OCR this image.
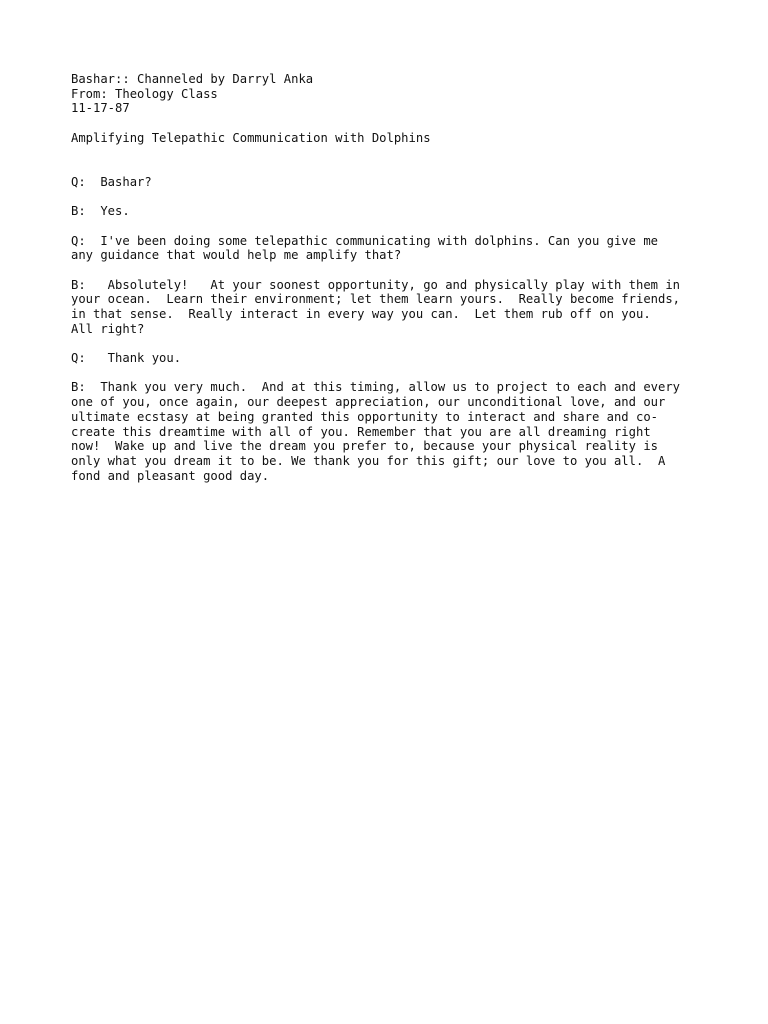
Bashar:: Channeled by Darryl Anka
From: Theology Class
11-17-87
Amplifying Telepathic Communication with Dolphins
Q:  Bashar?
B:  Yes.
Q:  I've been doing some telepathic communicating with dolphins. Can you give me
any guidance that would help me amplify that?
B:   Absolutely!   At your soonest opportunity, go and physically play with them in
your ocean.  Learn their environment; let them learn yours.  Really become friends,
in that sense.  Really interact in every way you can.  Let them rub off on you.
All right?
Q:   Thank you.
B:  Thank you very much.  And at this timing, allow us to project to each and every
one of you, once again, our deepest appreciation, our unconditional love, and our
ultimate ecstasy at being granted this opportunity to interact and share and co-
create this dreamtime with all of you. Remember that you are all dreaming right
now!  Wake up and live the dream you prefer to, because your physical reality is
only what you dream it to be. We thank you for this gift; our love to you all.  A
fond and pleasant good day.
